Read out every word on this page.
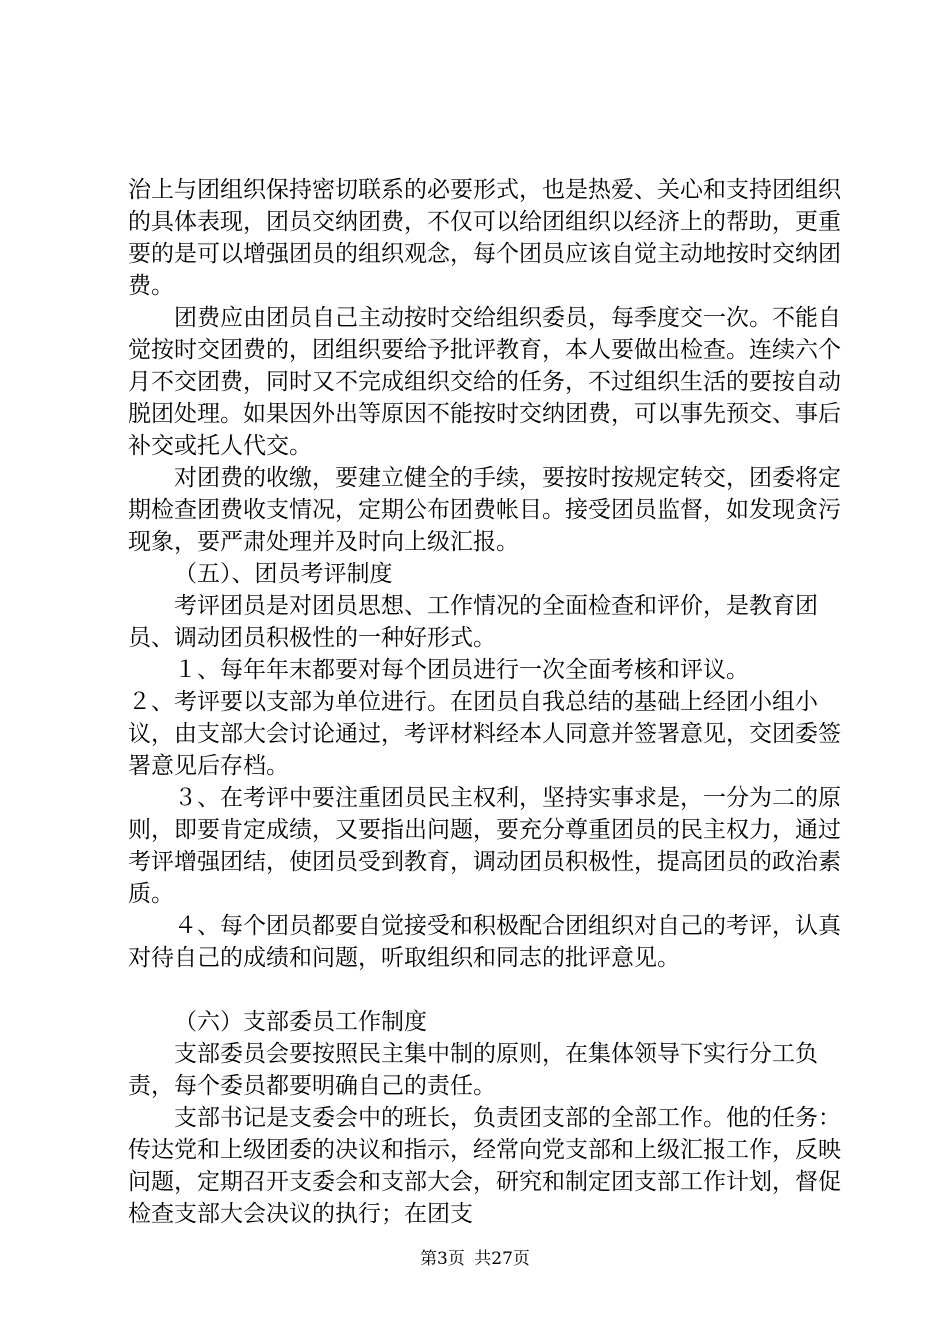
治上与团组织保持密切联系的必要形式，也是热爱、关心和支持团组织的具体表现，团员交纳团费，不仅可以给团组织以经济上的帮助，更重要的是可以增强团员的组织观念，每个团员应该自觉主动地按时交纳团费。

团费应由团员自己主动按时交给组织委员，每季度交一次。不能自觉按时交团费的，团组织要给予批评教育，本人要做出检查。连续六个月不交团费，同时又不完成组织交给的任务，不过组织生活的要按自动脱团处理。如果因外出等原因不能按时交纳团费，可以事先预交、事后补交或托人代交。

对团费的收缴，要建立健全的手续，要按时按规定转交，团委将定期检查团费收支情况，定期公布团费帐目。接受团员监督，如发现贪污现象，要严肃处理并及时向上级汇报。

（五）、团员考评制度

考评团员是对团员思想、工作情况的全面检查和评价，是教育团员、调动团员积极性的一种好形式。

１、每年年末都要对每个团员进行一次全面考核和评议。

２、考评要以支部为单位进行。在团员自我总结的基础上经团小组小议，由支部大会讨论通过，考评材料经本人同意并签署意见，交团委签署意见后存档。

３、在考评中要注重团员民主权利，坚持实事求是，一分为二的原则，即要肯定成绩，又要指出问题，要充分尊重团员的民主权力，通过考评增强团结，使团员受到教育，调动团员积极性，提高团员的政治素质。

４、每个团员都要自觉接受和积极配合团组织对自己的考评，认真对待自己的成绩和问题，听取组织和同志的批评意见。

（六）支部委员工作制度

支部委员会要按照民主集中制的原则，在集体领导下实行分工负责，每个委员都要明确自己的责任。

支部书记是支委会中的班长，负责团支部的全部工作。他的任务：传达党和上级团委的决议和指示，经常向党支部和上级汇报工作，反映问题，定期召开支委会和支部大会，研究和制定团支部工作计划，督促检查支部大会决议的执行；在团支

第3页 共27页
